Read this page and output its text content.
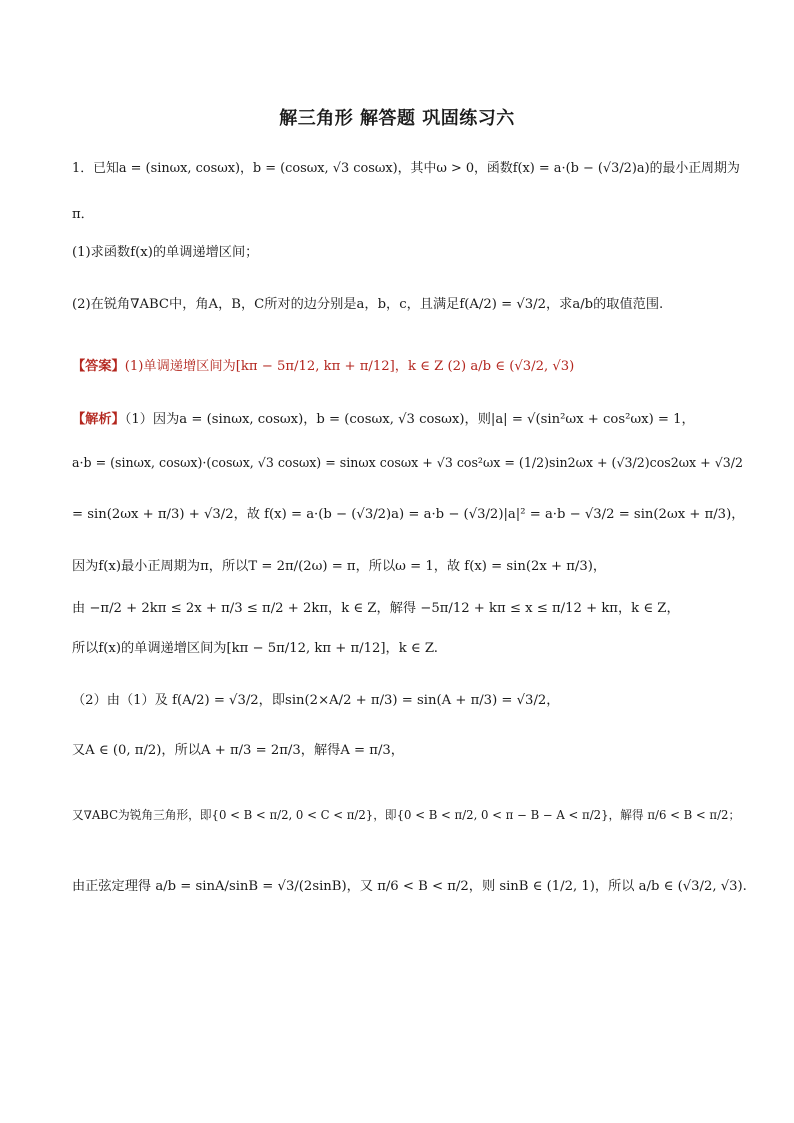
解三角形 解答题 巩固练习六
1．已知a = (sinωx, cosωx)，b = (cosωx, √3 cosωx)，其中ω > 0，函数f(x) = a·(b − (√3/2)a)的最小正周期为
π．
(1)求函数f(x)的单调递增区间；
(2)在锐角∇ABC中，角A，B，C所对的边分别是a，b，c，且满足f(A/2) = √3/2，求a/b的取值范围.
【答案】(1)单调递增区间为[kπ − 5π/12, kπ + π/12]，k ∈ Z (2) a/b ∈ (√3/2, √3)
【解析】（1）因为a = (sinωx, cosωx)，b = (cosωx, √3 cosωx)，则|a| = √(sin²ωx + cos²ωx) = 1，
a·b = (sinωx, cosωx)·(cosωx, √3 cosωx) = sinωx cosωx + √3 cos²ωx = (1/2)sin2ωx + (√3/2)cos2ωx + √3/2
= sin(2ωx + π/3) + √3/2，故 f(x) = a·(b − (√3/2)a) = a·b − (√3/2)|a|² = a·b − √3/2 = sin(2ωx + π/3)，
因为f(x)最小正周期为π，所以T = 2π/(2ω) = π，所以ω = 1，故 f(x) = sin(2x + π/3)，
由 −π/2 + 2kπ ≤ 2x + π/3 ≤ π/2 + 2kπ，k ∈ Z，解得 −5π/12 + kπ ≤ x ≤ π/12 + kπ，k ∈ Z，
所以f(x)的单调递增区间为[kπ − 5π/12, kπ + π/12]，k ∈ Z.
（2）由（1）及 f(A/2) = √3/2，即sin(2×A/2 + π/3) = sin(A + π/3) = √3/2，
又A ∈ (0, π/2)，所以A + π/3 = 2π/3，解得A = π/3，
又∇ABC为锐角三角形，即{0 < B < π/2, 0 < C < π/2}，即{0 < B < π/2, 0 < π − B − A < π/2}，解得 π/6 < B < π/2；
由正弦定理得 a/b = sinA/sinB = √3/(2sinB)，又 π/6 < B < π/2，则 sinB ∈ (1/2, 1)，所以 a/b ∈ (√3/2, √3).
